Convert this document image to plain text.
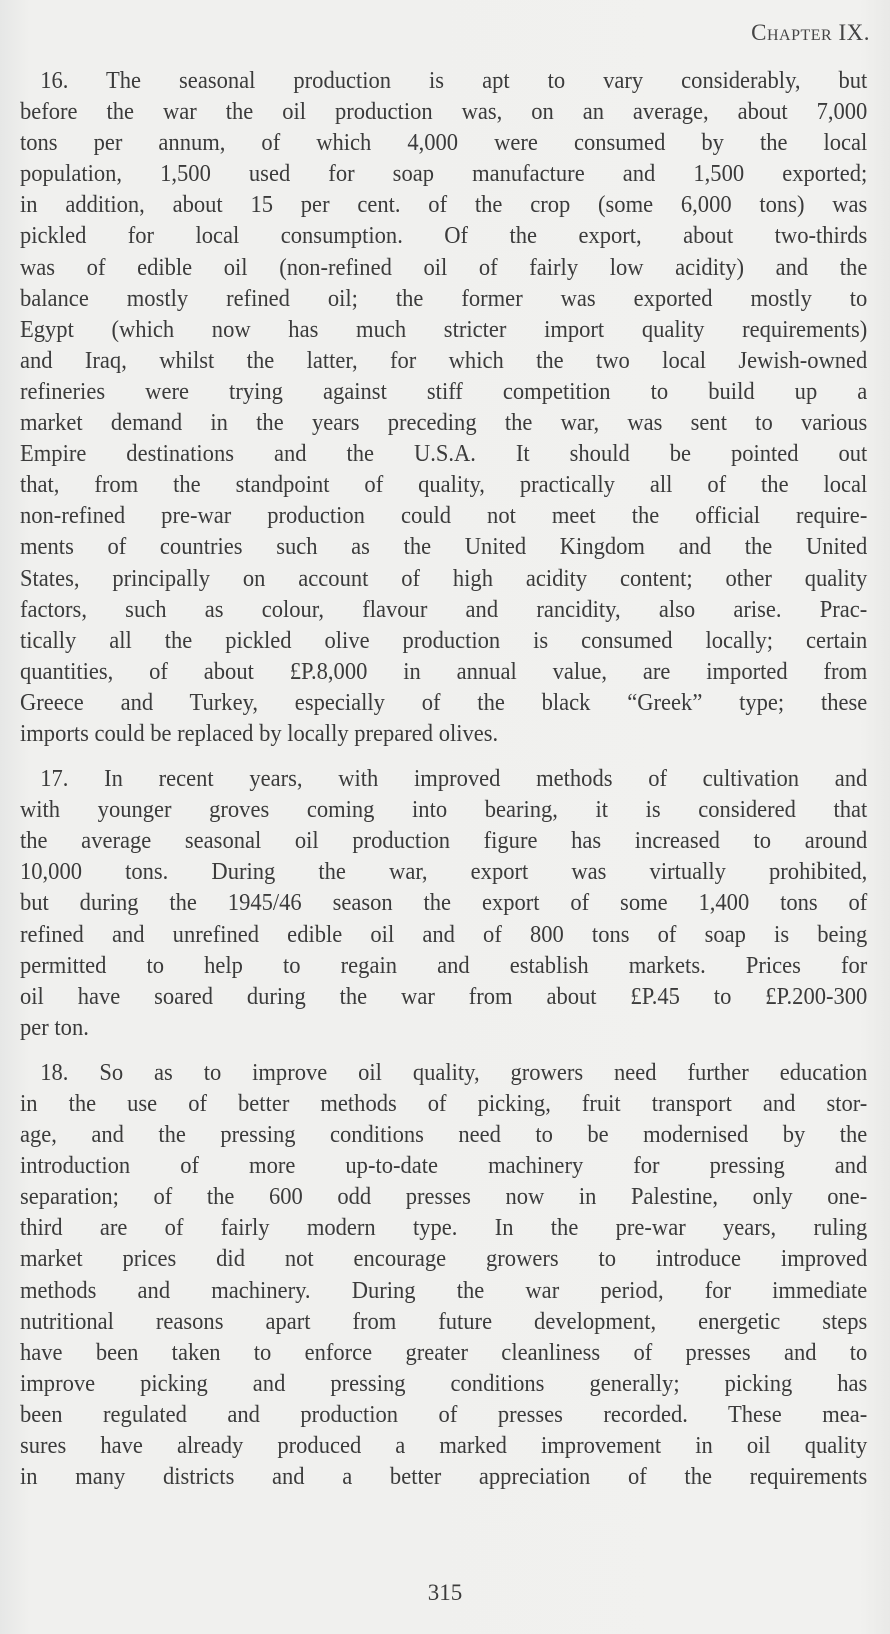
Chapter IX.
16. The seasonal production is apt to vary considerably, but
before the war the oil production was, on an average, about 7,000
tons per annum, of which 4,000 were consumed by the local
population, 1,500 used for soap manufacture and 1,500 exported;
in addition, about 15 per cent. of the crop (some 6,000 tons) was
pickled for local consumption. Of the export, about two-thirds
was of edible oil (non-refined oil of fairly low acidity) and the
balance mostly refined oil; the former was exported mostly to
Egypt (which now has much stricter import quality requirements)
and Iraq, whilst the latter, for which the two local Jewish-owned
refineries were trying against stiff competition to build up a
market demand in the years preceding the war, was sent to various
Empire destinations and the U.S.A. It should be pointed out
that, from the standpoint of quality, practically all of the local
non-refined pre-war production could not meet the official require-
ments of countries such as the United Kingdom and the United
States, principally on account of high acidity content; other quality
factors, such as colour, flavour and rancidity, also arise. Prac-
tically all the pickled olive production is consumed locally; certain
quantities, of about £P.8,000 in annual value, are imported from
Greece and Turkey, especially of the black “Greek” type; these
imports could be replaced by locally prepared olives.
17. In recent years, with improved methods of cultivation and
with younger groves coming into bearing, it is considered that
the average seasonal oil production figure has increased to around
10,000 tons. During the war, export was virtually prohibited,
but during the 1945/46 season the export of some 1,400 tons of
refined and unrefined edible oil and of 800 tons of soap is being
permitted to help to regain and establish markets. Prices for
oil have soared during the war from about £P.45 to £P.200-300
per ton.
18. So as to improve oil quality, growers need further education
in the use of better methods of picking, fruit transport and stor-
age, and the pressing conditions need to be modernised by the
introduction of more up-to-date machinery for pressing and
separation; of the 600 odd presses now in Palestine, only one-
third are of fairly modern type. In the pre-war years, ruling
market prices did not encourage growers to introduce improved
methods and machinery. During the war period, for immediate
nutritional reasons apart from future development, energetic steps
have been taken to enforce greater cleanliness of presses and to
improve picking and pressing conditions generally; picking has
been regulated and production of presses recorded. These mea-
sures have already produced a marked improvement in oil quality
in many districts and a better appreciation of the requirements
315
